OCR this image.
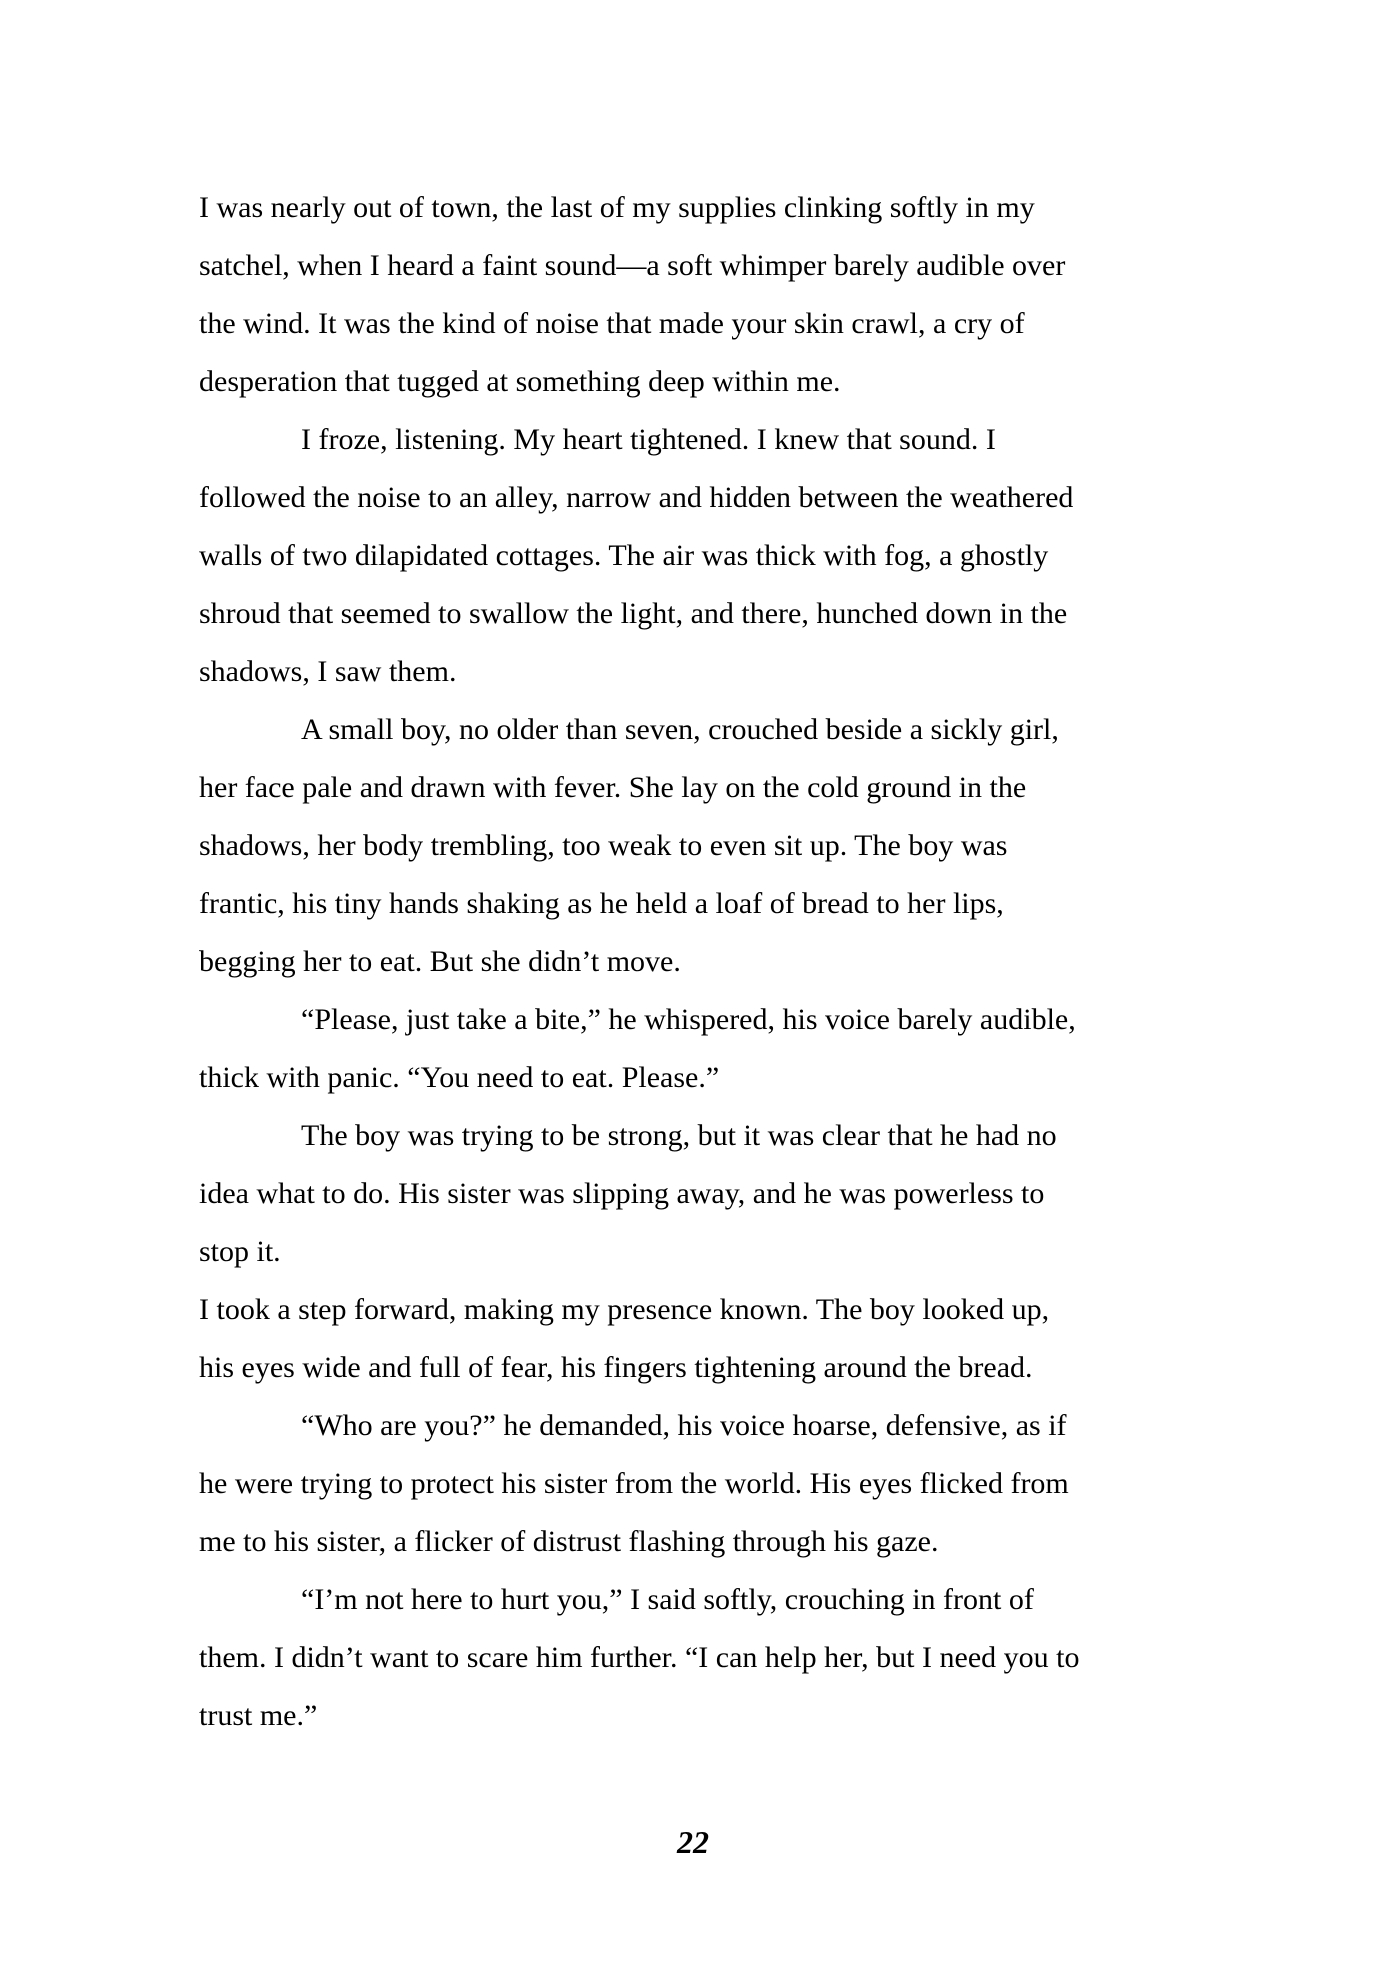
I was nearly out of town, the last of my supplies clinking softly in my
satchel, when I heard a faint sound—a soft whimper barely audible over
the wind. It was the kind of noise that made your skin crawl, a cry of
desperation that tugged at something deep within me.
I froze, listening. My heart tightened. I knew that sound. I
followed the noise to an alley, narrow and hidden between the weathered
walls of two dilapidated cottages. The air was thick with fog, a ghostly
shroud that seemed to swallow the light, and there, hunched down in the
shadows, I saw them.
A small boy, no older than seven, crouched beside a sickly girl,
her face pale and drawn with fever. She lay on the cold ground in the
shadows, her body trembling, too weak to even sit up. The boy was
frantic, his tiny hands shaking as he held a loaf of bread to her lips,
begging her to eat. But she didn’t move.
“Please, just take a bite,” he whispered, his voice barely audible,
thick with panic. “You need to eat. Please.”
The boy was trying to be strong, but it was clear that he had no
idea what to do. His sister was slipping away, and he was powerless to
stop it.
I took a step forward, making my presence known. The boy looked up,
his eyes wide and full of fear, his fingers tightening around the bread.
“Who are you?” he demanded, his voice hoarse, defensive, as if
he were trying to protect his sister from the world. His eyes flicked from
me to his sister, a flicker of distrust flashing through his gaze.
“I’m not here to hurt you,” I said softly, crouching in front of
them. I didn’t want to scare him further. “I can help her, but I need you to
trust me.”
22
